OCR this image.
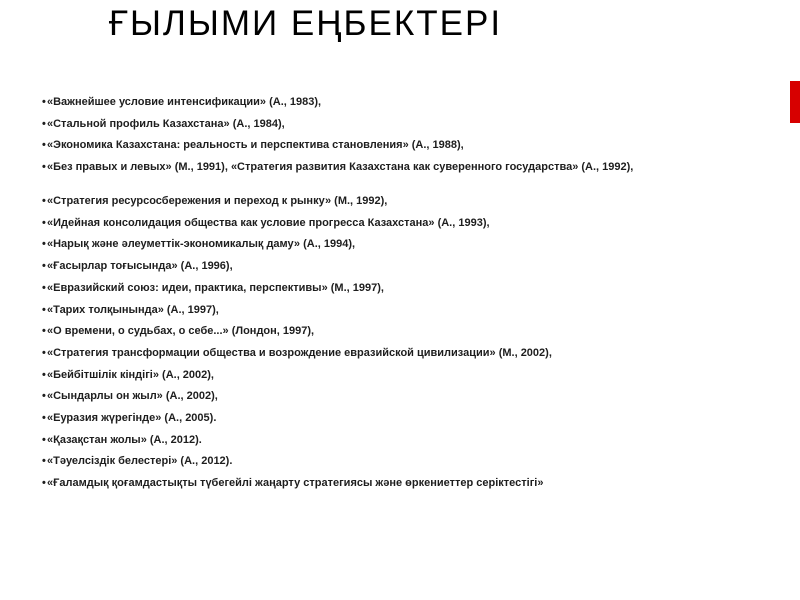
ҒЫЛЫМИ ЕҢБЕКТЕРІ
• «Важнейшее условие интенсификации» (А., 1983),
• «Стальной профиль Казахстана» (А., 1984),
• «Экономика Казахстана: реальность и перспектива становления» (А., 1988),
• «Без правых и левых» (М., 1991), «Стратегия развития Казахстана как суверенного государства» (А., 1992),
• «Стратегия ресурсосбережения и переход к рынку» (М., 1992),
• «Идейная консолидация общества как условие прогресса Казахстана» (А., 1993),
• «Нарық және әлеуметтік-экономикалық даму» (А., 1994),
• «Ғасырлар тоғысында» (А., 1996),
• «Евразийский союз: идеи, практика, перспективы» (М., 1997),
• «Тарих толқынында» (А., 1997),
• «О времени, о судьбах, о себе...» (Лондон, 1997),
• «Стратегия трансформации общества и возрождение евразийской цивилизации» (М., 2002),
• «Бейбітшілік кіндігі» (А., 2002),
• «Сындарлы он жыл» (А., 2002),
• «Еуразия жүрегінде» (А., 2005).
• «Қазақстан жолы» (А., 2012).
• «Тәуелсіздік белестері» (А., 2012).
• «Ғаламдық қоғамдастықты түбегейлі жаңарту стратегиясы және өркениеттер серіктестігі»
